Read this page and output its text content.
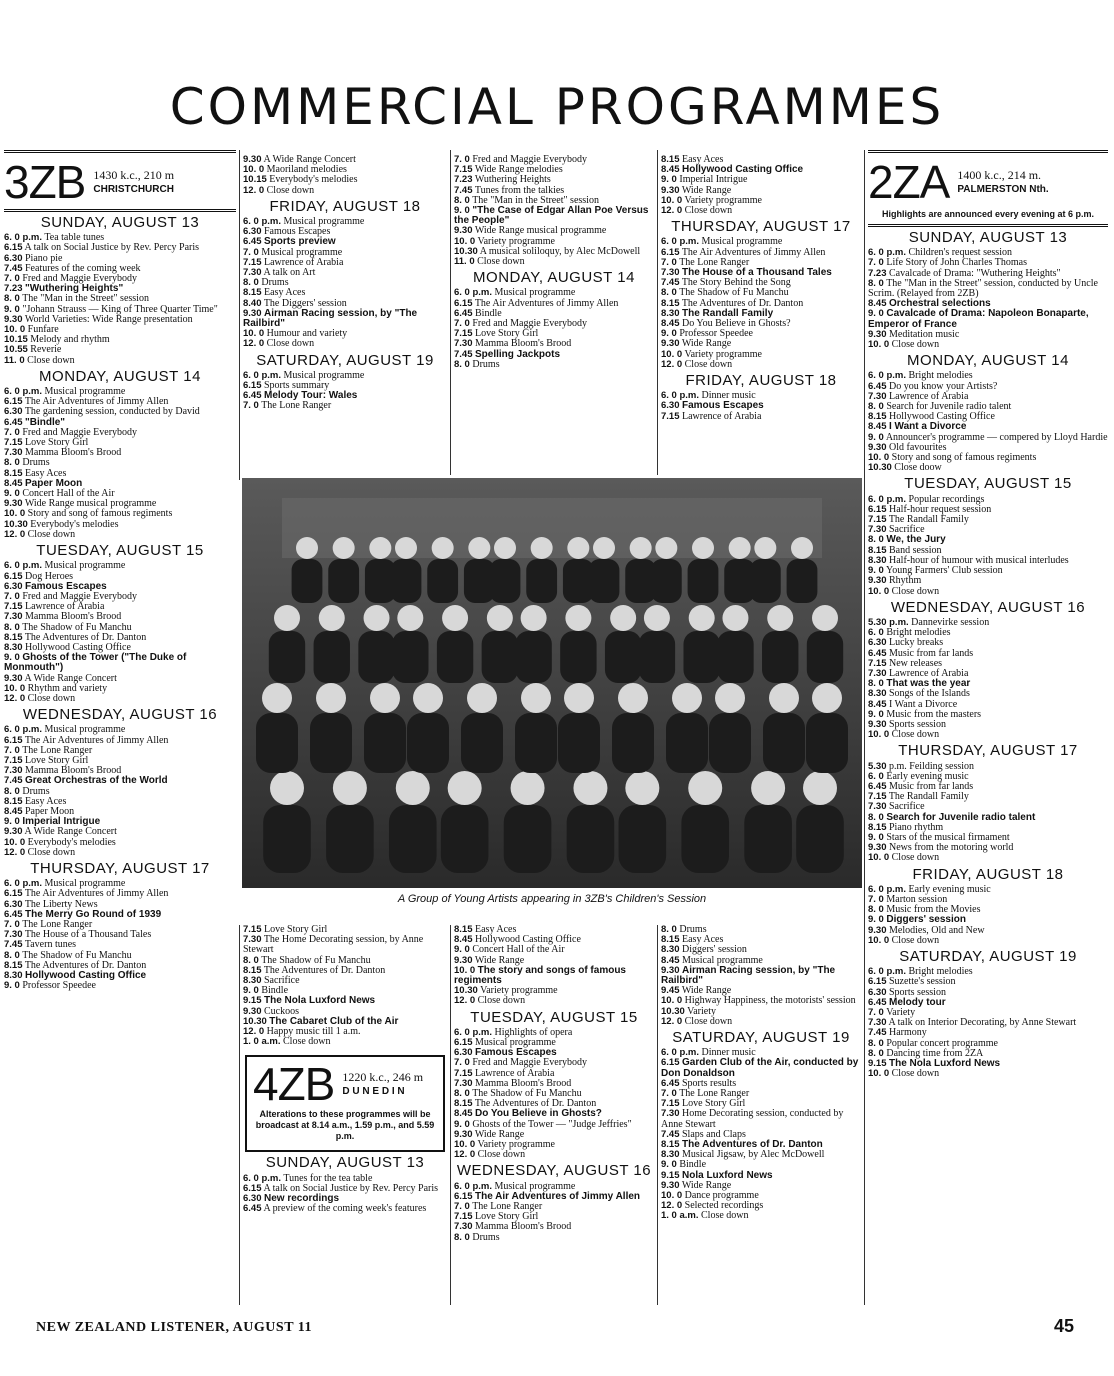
COMMERCIAL PROGRAMMES
3ZB 1430 k.c., 210 m
CHRISTCHURCH
SUNDAY, AUGUST 13
6. 0 p.m. Tea table tunes
6.15 A talk on Social Justice by Rev. Percy Paris
6.30 Piano pie
7.45 Features of the coming week
7. 0 Fred and Maggie Everybody
7.23 "Wuthering Heights"
8. 0 The "Man in the Street" session
9. 0 "Johann Strauss — King of Three Quarter Time"
9.30 World Varieties: Wide Range presentation
10. 0 Funfare
10.15 Melody and rhythm
10.55 Reverie
11. 0 Close down
MONDAY, AUGUST 14
6. 0 p.m. Musical programme
6.15 The Air Adventures of Jimmy Allen
6.30 The gardening session, conducted by David
6.45 "Bindle"
7. 0 Fred and Maggie Everybody
7.15 Love Story Girl
7.30 Mamma Bloom's Brood
8. 0 Drums
8.15 Easy Aces
8.45 Paper Moon
9. 0 Concert Hall of the Air
9.30 Wide Range musical programme
10. 0 Story and song of famous regiments
10.30 Everybody's melodies
12. 0 Close down
TUESDAY, AUGUST 15
6. 0 p.m. Musical programme
6.15 Dog Heroes
6.30 Famous Escapes
7. 0 Fred and Maggie Everybody
7.15 Lawrence of Arabia
7.30 Mamma Bloom's Brood
8. 0 The Shadow of Fu Manchu
8.15 The Adventures of Dr. Danton
8.30 Hollywood Casting Office
9. 0 Ghosts of the Tower ("The Duke of Monmouth")
9.30 A Wide Range Concert
10. 0 Rhythm and variety
12. 0 Close down
WEDNESDAY, AUGUST 16
6. 0 p.m. Musical programme
6.15 The Air Adventures of Jimmy Allen
7. 0 The Lone Ranger
7.15 Love Story Girl
7.30 Mamma Bloom's Brood
7.45 Great Orchestras of the World
8. 0 Drums
8.15 Easy Aces
8.45 Paper Moon
9. 0 Imperial Intrigue
9.30 A Wide Range Concert
10. 0 Everybody's melodies
12. 0 Close down
THURSDAY, AUGUST 17
6. 0 p.m. Musical programme
6.15 The Air Adventures of Jimmy Allen
6.30 The Liberty News
6.45 The Merry Go Round of 1939
7. 0 The Lone Ranger
7.30 The House of a Thousand Tales
7.45 Tavern tunes
8. 0 The Shadow of Fu Manchu
8.15 The Adventures of Dr. Danton
8.30 Hollywood Casting Office
9. 0 Professor Speedee
9.30 A Wide Range Concert
10. 0 Maoriland melodies
10.15 Everybody's melodies
12. 0 Close down
FRIDAY, AUGUST 18
6. 0 p.m. Musical programme
6.30 Famous Escapes
6.45 Sports preview
7. 0 Musical programme
7.15 Lawrence of Arabia
7.30 A talk on Art
8. 0 Drums
8.15 Easy Aces
8.40 The Diggers' session
9.30 Airman Racing session, by "The Railbird"
10. 0 Humour and variety
12. 0 Close down
SATURDAY, AUGUST 19
6. 0 p.m. Musical programme
6.15 Sports summary
6.45 Melody Tour: Wales
7. 0 The Lone Ranger
7. 0 Fred and Maggie Everybody
7.15 Wide Range melodies
7.23 Wuthering Heights
7.45 Tunes from the talkies
8. 0 The "Man in the Street" session
9. 0 "The Case of Edgar Allan Poe Versus the People"
9.30 Wide Range musical programme
10. 0 Variety programme
10.30 A musical soliloquy, by Alec McDowell
11. 0 Close down
MONDAY, AUGUST 14
6. 0 p.m. Musical programme
6.15 The Air Adventures of Jimmy Allen
6.45 Bindle
7. 0 Fred and Maggie Everybody
7.15 Love Story Girl
7.30 Mamma Bloom's Brood
7.45 Spelling Jackpots
8. 0 Drums
8.15 Easy Aces
8.45 Hollywood Casting Office
9. 0 Imperial Intrigue
9.30 Wide Range
10. 0 Variety programme
12. 0 Close down
THURSDAY, AUGUST 17
6. 0 p.m. Musical programme
6.15 The Air Adventures of Jimmy Allen
7. 0 The Lone Ranger
7.30 The House of a Thousand Tales
7.45 The Story Behind the Song
8. 0 The Shadow of Fu Manchu
8.15 The Adventures of Dr. Danton
8.30 The Randall Family
8.45 Do You Believe in Ghosts?
9. 0 Professor Speedee
9.30 Wide Range
10. 0 Variety programme
12. 0 Close down
FRIDAY, AUGUST 18
6. 0 p.m. Dinner music
6.30 Famous Escapes
7.15 Lawrence of Arabia
A Group of Young Artists appearing in 3ZB's Children's Session
7.15 Love Story Girl
7.30 The Home Decorating session, by Anne Stewart
8. 0 The Shadow of Fu Manchu
8.15 The Adventures of Dr. Danton
8.30 Sacrifice
9. 0 Bindle
9.15 The Nola Luxford News
9.30 Cuckoos
10.30 The Cabaret Club of the Air
12. 0 Happy music till 1 a.m.
1. 0 a.m. Close down
4ZB 1220 k.c., 246 m
D U N E D I N
Alterations to these programmes will be broadcast at 8.14 a.m., 1.59 p.m., and 5.59 p.m.
SUNDAY, AUGUST 13
6. 0 p.m. Tunes for the tea table
6.15 A talk on Social Justice by Rev. Percy Paris
6.30 New recordings
6.45 A preview of the coming week's features
8.15 Easy Aces
8.45 Hollywood Casting Office
9. 0 Concert Hall of the Air
9.30 Wide Range
10. 0 The story and songs of famous regiments
10.30 Variety programme
12. 0 Close down
TUESDAY, AUGUST 15
6. 0 p.m. Highlights of opera
6.15 Musical programme
6.30 Famous Escapes
7. 0 Fred and Maggie Everybody
7.15 Lawrence of Arabia
7.30 Mamma Bloom's Brood
8. 0 The Shadow of Fu Manchu
8.15 The Adventures of Dr. Danton
8.45 Do You Believe in Ghosts?
9. 0 Ghosts of the Tower — "Judge Jeffries"
9.30 Wide Range
10. 0 Variety programme
12. 0 Close down
WEDNESDAY, AUGUST 16
6. 0 p.m. Musical programme
6.15 The Air Adventures of Jimmy Allen
7. 0 The Lone Ranger
7.15 Love Story Girl
7.30 Mamma Bloom's Brood
8. 0 Drums
8. 0 Drums
8.15 Easy Aces
8.30 Diggers' session
8.45 Musical programme
9.30 Airman Racing session, by "The Railbird"
9.45 Wide Range
10. 0 Highway Happiness, the motorists' session
10.30 Variety
12. 0 Close down
SATURDAY, AUGUST 19
6. 0 p.m. Dinner music
6.15 Garden Club of the Air, conducted by Don Donaldson
6.45 Sports results
7. 0 The Lone Ranger
7.15 Love Story Girl
7.30 Home Decorating session, conducted by Anne Stewart
7.45 Slaps and Claps
8.15 The Adventures of Dr. Danton
8.30 Musical Jigsaw, by Alec McDowell
9. 0 Bindle
9.15 Nola Luxford News
9.30 Wide Range
10. 0 Dance programme
12. 0 Selected recordings
1. 0 a.m. Close down
2ZA 1400 k.c., 214 m.
PALMERSTON Nth.
Highlights are announced every evening at 6 p.m.
SUNDAY, AUGUST 13
6. 0 p.m. Children's request session
7. 0 Life Story of John Charles Thomas
7.23 Cavalcade of Drama: "Wuthering Heights"
8. 0 The "Man in the Street" session, conducted by Uncle Scrim. (Relayed from 2ZB)
8.45 Orchestral selections
9. 0 Cavalcade of Drama: Napoleon Bonaparte, Emperor of France
9.30 Meditation music
10. 0 Close down
MONDAY, AUGUST 14
6. 0 p.m. Bright melodies
6.45 Do you know your Artists?
7.30 Lawrence of Arabia
8. 0 Search for Juvenile radio talent
8.15 Hollywood Casting Office
8.45 I Want a Divorce
9. 0 Announcer's programme — compered by Lloyd Hardie
9.30 Old favourites
10. 0 Story and song of famous regiments
10.30 Close doow
TUESDAY, AUGUST 15
6. 0 p.m. Popular recordings
6.15 Half-hour request session
7.15 The Randall Family
7.30 Sacrifice
8. 0 We, the Jury
8.15 Band session
8.30 Half-hour of humour with musical interludes
9. 0 Young Farmers' Club session
9.30 Rhythm
10. 0 Close down
WEDNESDAY, AUGUST 16
5.30 p.m. Dannevirke session
6. 0 Bright melodies
6.30 Lucky breaks
6.45 Music from far lands
7.15 New releases
7.30 Lawrence of Arabia
8. 0 That was the year
8.30 Songs of the Islands
8.45 I Want a Divorce
9. 0 Music from the masters
9.30 Sports session
10. 0 Close down
THURSDAY, AUGUST 17
5.30 p.m. Feilding session
6. 0 Early evening music
6.45 Music from far lands
7.15 The Randall Family
7.30 Sacrifice
8. 0 Search for Juvenile radio talent
8.15 Piano rhythm
9. 0 Stars of the musical firmament
9.30 News from the motoring world
10. 0 Close down
FRIDAY, AUGUST 18
6. 0 p.m. Early evening music
7. 0 Marton session
8. 0 Music from the Movies
9. 0 Diggers' session
9.30 Melodies, Old and New
10. 0 Close down
SATURDAY, AUGUST 19
6. 0 p.m. Bright melodies
6.15 Suzette's session
6.30 Sports session
6.45 Melody tour
7. 0 Variety
7.30 A talk on Interior Decorating, by Anne Stewart
7.45 Harmony
8. 0 Popular concert programme
8. 0 Dancing time from 2ZA
9.15 The Nola Luxford News
10. 0 Close down
NEW ZEALAND LISTENER, AUGUST 11	45
